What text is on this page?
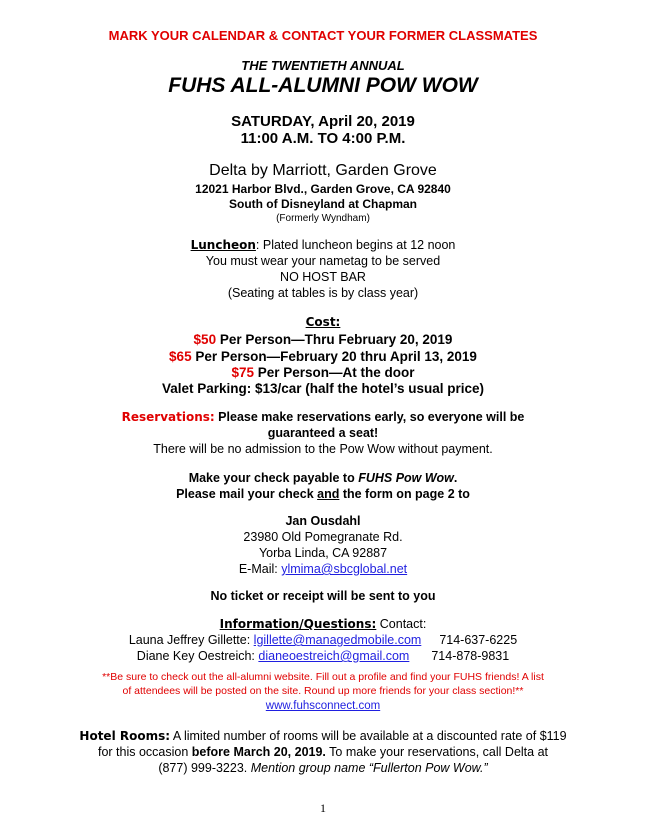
MARK YOUR CALENDAR & CONTACT YOUR FORMER CLASSMATES
THE TWENTIETH ANNUAL
FUHS ALL-ALUMNI POW WOW
SATURDAY, April 20, 2019
11:00 A.M. TO 4:00 P.M.
Delta by Marriott, Garden Grove
12021 Harbor Blvd., Garden Grove, CA 92840
South of Disneyland at Chapman
(Formerly Wyndham)
Luncheon: Plated luncheon begins at 12 noon
You must wear your nametag to be served
NO HOST BAR
(Seating at tables is by class year)
Cost:
$50 Per Person—Thru February 20, 2019
$65 Per Person—February 20 thru April 13, 2019
$75 Per Person—At the door
Valet Parking: $13/car (half the hotel’s usual price)
Reservations: Please make reservations early, so everyone will be
guaranteed a seat!
There will be no admission to the Pow Wow without payment.
Make your check payable to FUHS Pow Wow.
Please mail your check and the form on page 2 to
Jan Ousdahl
23980 Old Pomegranate Rd.
Yorba Linda, CA 92887
E-Mail: ylmima@sbcglobal.net
No ticket or receipt will be sent to you
Information/Questions: Contact:
Launa Jeffrey Gillette: lgillette@managedmobile.com 714-637-6225
Diane Key Oestreich: dianeoestreich@gmail.com 714-878-9831
**Be sure to check out the all-alumni website. Fill out a profile and find your FUHS friends! A list
of attendees will be posted on the site. Round up more friends for your class section!**
www.fuhsconnect.com
Hotel Rooms: A limited number of rooms will be available at a discounted rate of $119
for this occasion before March 20, 2019. To make your reservations, call Delta at
(877) 999-3223. Mention group name “Fullerton Pow Wow.”
1
